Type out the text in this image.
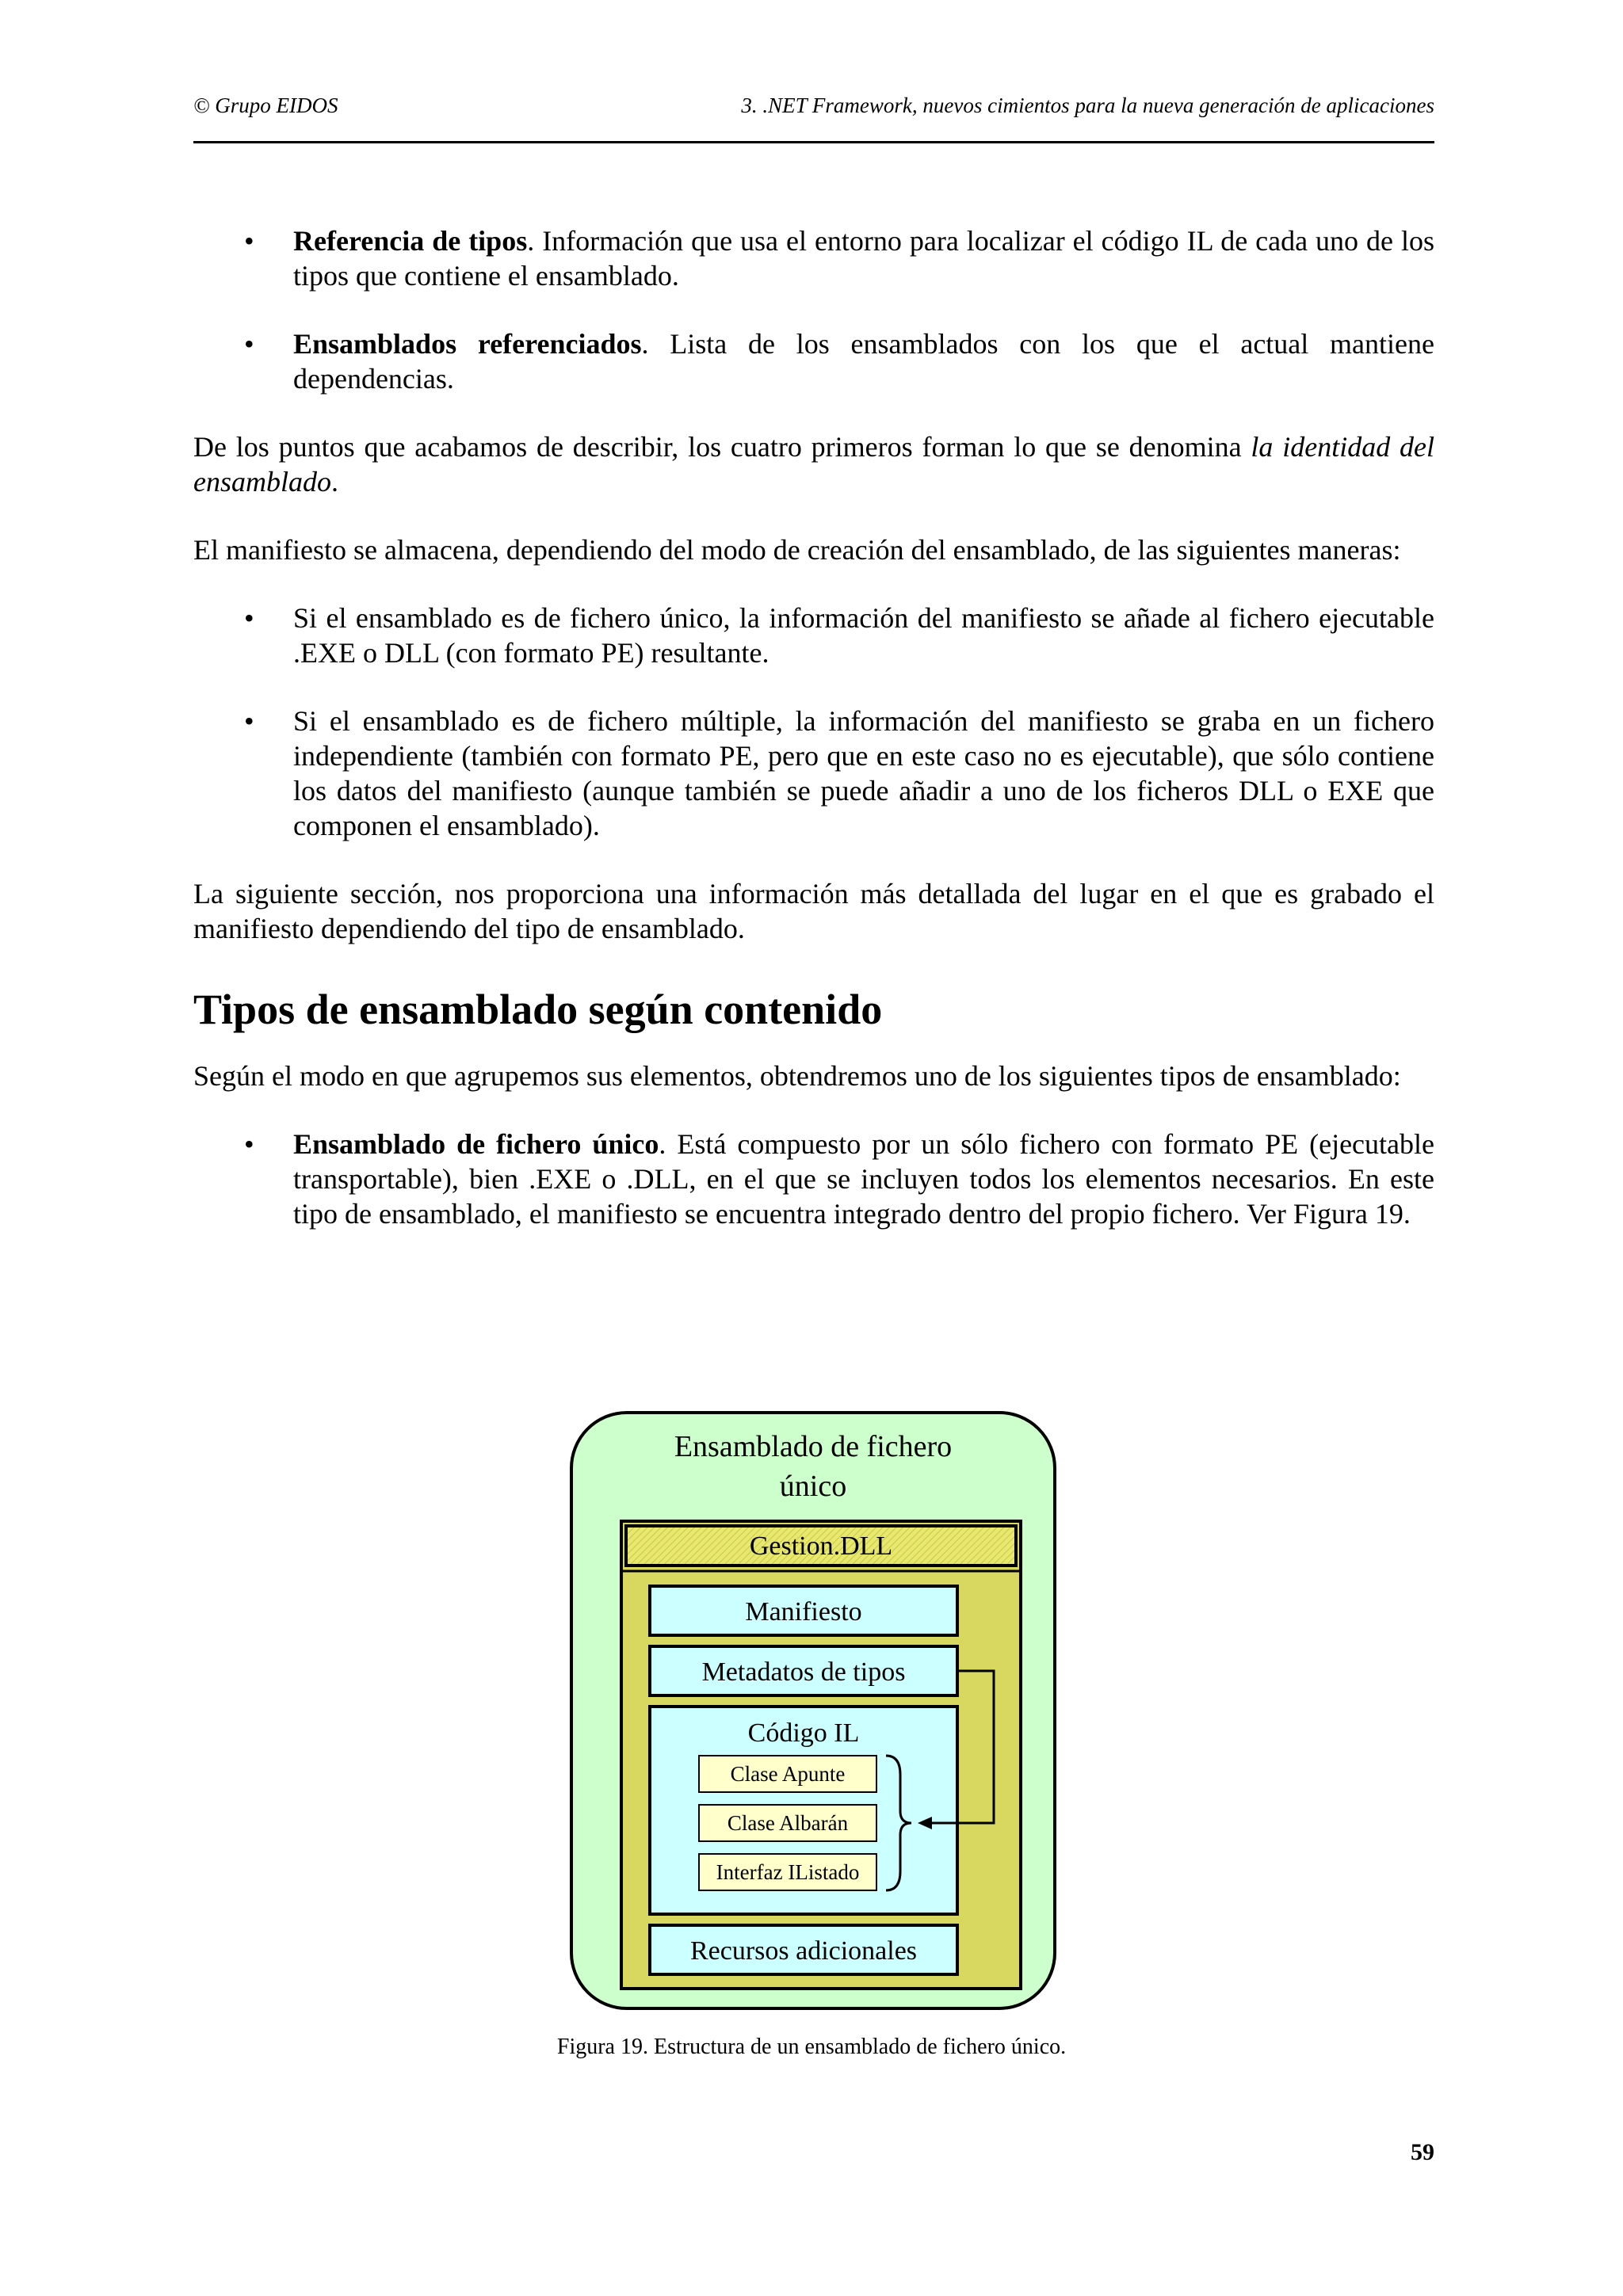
© Grupo EIDOS	3. .NET Framework, nuevos cimientos para la nueva generación de aplicaciones
• Referencia de tipos. Información que usa el entorno para localizar el código IL de cada uno de los tipos que contiene el ensamblado.
• Ensamblados referenciados. Lista de los ensamblados con los que el actual mantiene dependencias.

De los puntos que acabamos de describir, los cuatro primeros forman lo que se denomina la identidad del ensamblado.

El manifiesto se almacena, dependiendo del modo de creación del ensamblado, de las siguientes maneras:

• Si el ensamblado es de fichero único, la información del manifiesto se añade al fichero ejecutable .EXE o DLL (con formato PE) resultante.
• Si el ensamblado es de fichero múltiple, la información del manifiesto se graba en un fichero independiente (también con formato PE, pero que en este caso no es ejecutable), que sólo contiene los datos del manifiesto (aunque también se puede añadir a uno de los ficheros DLL o EXE que componen el ensamblado).

La siguiente sección, nos proporciona una información más detallada del lugar en el que es grabado el manifiesto dependiendo del tipo de ensamblado.

Tipos de ensamblado según contenido

Según el modo en que agrupemos sus elementos, obtendremos uno de los siguientes tipos de ensamblado:

• Ensamblado de fichero único. Está compuesto por un sólo fichero con formato PE (ejecutable transportable), bien .EXE o .DLL, en el que se incluyen todos los elementos necesarios. En este tipo de ensamblado, el manifiesto se encuentra integrado dentro del propio fichero. Ver Figura 19.
Ensamblado de fichero
único
Gestion.DLL
Manifiesto
Metadatos de tipos
Código IL
Clase Apunte
Clase Albarán
Interfaz IListado
Recursos adicionales
Figura 19. Estructura de un ensamblado de fichero único.
59
